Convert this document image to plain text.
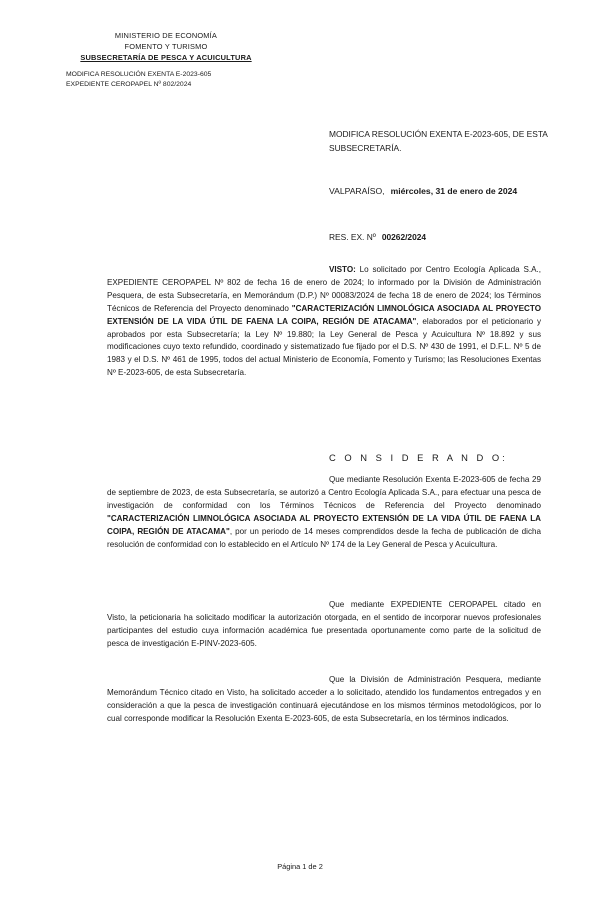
MINISTERIO DE ECONOMÍA
FOMENTO Y TURISMO
SUBSECRETARÍA DE PESCA Y ACUICULTURA
MODIFICA RESOLUCIÓN EXENTA E-2023-605
EXPEDIENTE CEROPAPEL Nº 802/2024
MODIFICA RESOLUCIÓN EXENTA E-2023-605, DE ESTA SUBSECRETARÍA.
VALPARAÍSO, miércoles, 31 de enero de 2024
RES. EX. Nº 00262/2024

VISTO: Lo solicitado por Centro Ecología Aplicada S.A., EXPEDIENTE CEROPAPEL Nº 802 de fecha 16 de enero de 2024; lo informado por la División de Administración Pesquera, de esta Subsecretaría, en Memorándum (D.P.) Nº 00083/2024 de fecha 18 de enero de 2024; los Términos Técnicos de Referencia del Proyecto denominado "CARACTERIZACIÓN LIMNOLÓGICA ASOCIADA AL PROYECTO EXTENSIÓN DE LA VIDA ÚTIL DE FAENA LA COIPA, REGIÓN DE ATACAMA", elaborados por el peticionario y aprobados por esta Subsecretaría; la Ley Nº 19.880; la Ley General de Pesca y Acuicultura Nº 18.892 y sus modificaciones cuyo texto refundido, coordinado y sistematizado fue fijado por el D.S. Nº 430 de 1991, el D.F.L. Nº 5 de 1983 y el D.S. Nº 461 de 1995, todos del actual Ministerio de Economía, Fomento y Turismo; las Resoluciones Exentas Nº E-2023-605, de esta Subsecretaría.

C O N S I D E R A N D O:

Que mediante Resolución Exenta E-2023-605 de fecha 29 de septiembre de 2023, de esta Subsecretaría, se autorizó a Centro Ecología Aplicada S.A., para efectuar una pesca de investigación de conformidad con los Términos Técnicos de Referencia del Proyecto denominado "CARACTERIZACIÓN LIMNOLÓGICA ASOCIADA AL PROYECTO EXTENSIÓN DE LA VIDA ÚTIL DE FAENA LA COIPA, REGIÓN DE ATACAMA", por un periodo de 14 meses comprendidos desde la fecha de publicación de dicha resolución de conformidad con lo establecido en el Artículo Nº 174 de la Ley General de Pesca y Acuicultura.

Que mediante EXPEDIENTE CEROPAPEL citado en Visto, la peticionaria ha solicitado modificar la autorización otorgada, en el sentido de incorporar nuevos profesionales participantes del estudio cuya información académica fue presentada oportunamente como parte de la solicitud de pesca de investigación E-PINV-2023-605.

Que la División de Administración Pesquera, mediante Memorándum Técnico citado en Visto, ha solicitado acceder a lo solicitado, atendido los fundamentos entregados y en consideración a que la pesca de investigación continuará ejecutándose en los mismos términos metodológicos, por lo cual corresponde modificar la Resolución Exenta E-2023-605, de esta Subsecretaría, en los términos indicados.

Página 1 de 2
